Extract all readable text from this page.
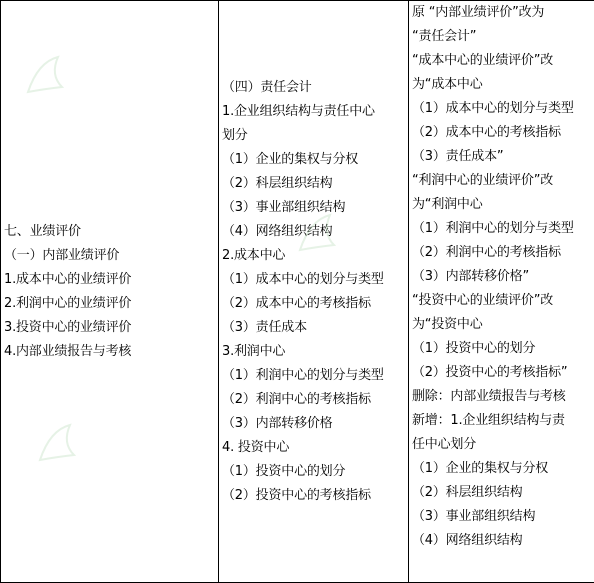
七、业绩评价
（一）内部业绩评价
1.成本中心的业绩评价
2.利润中心的业绩评价
3.投资中心的业绩评价
4.内部业绩报告与考核

（四）责任会计
1.企业组织结构与责任中心
划分
（1）企业的集权与分权
（2）科层组织结构
（3）事业部组织结构
（4）网络组织结构
2.成本中心
（1）成本中心的划分与类型
（2）成本中心的考核指标
（3）责任成本
3.利润中心
（1）利润中心的划分与类型
（2）利润中心的考核指标
（3）内部转移价格
4. 投资中心
（1）投资中心的划分
（2）投资中心的考核指标

原 “内部业绩评价”改为
“责任会计”
“成本中心的业绩评价”改
为“成本中心
（1）成本中心的划分与类型
（2）成本中心的考核指标
（3）责任成本”
“利润中心的业绩评价”改
为“利润中心
（1）利润中心的划分与类型
（2）利润中心的考核指标
（3）内部转移价格”
“投资中心的业绩评价”改
为“投资中心
（1）投资中心的划分
（2）投资中心的考核指标”
删除：内部业绩报告与考核
新增：1.企业组织结构与责
任中心划分
（1）企业的集权与分权
（2）科层组织结构
（3）事业部组织结构
（4）网络组织结构
